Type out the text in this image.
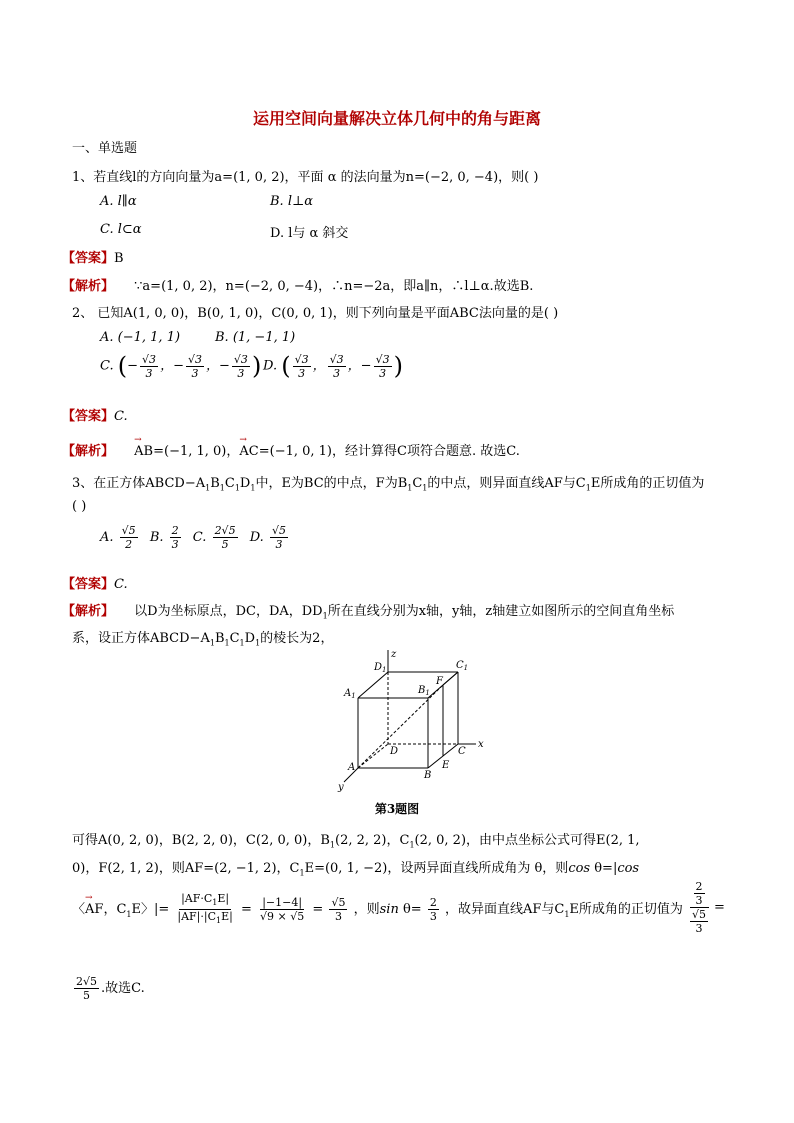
运用空间向量解决立体几何中的角与距离
一、单选题
1、若直线l的方向向量为a=(1, 0, 2)，平面 α 的法向量为n=(−2, 0, −4)，则( )
A. l∥α	B. l⊥α
C. l⊂α	D. l与 α 斜交
【答案】B
【解析】 ∵a=(1, 0, 2)，n=(−2, 0, −4)，∴n=−2a，即a∥n，∴l⊥α.故选B.
2、 已知A(1, 0, 0)，B(0, 1, 0)，C(0, 0, 1)，则下列向量是平面ABC法向量的是( )
A. (−1, 1, 1)	B. (1, −1, 1)
C. (− $\frac{√3}{3}$ ，− $\frac{√3}{3}$ ，− $\frac{√3}{3}$ ) D. ( $\frac{√3}{3}$ ， $\frac{√3}{3}$ ，− $\frac{√3}{3}$ )
【答案】C.
【解析】 → AB=(−1, 1, 0)，→ AC=(−1, 0, 1)，经计算得C项符合题意. 故选C.
3、在正方体$ABCD-A_1B_1C_1D_1$中，E为BC的中点，F为$B_1C_1$的中点，则异面直线AF与$C_1E$所成角的正切值为
( )
A. $\frac{√5}{2} B$. $\frac{2}{3} C$. $\frac{2√5}{5} D$. $\frac{√5}{3}$
【答案】C.
【解析】 以D为坐标原点，DC，DA，$DD_1$所在直线分别为x轴，y轴，z轴建立如图所示的空间直角坐标
系，设正方体$ABCD-A_1B_1C_1D_1$的棱长为2，
z
x
y
$D_1$	$C_1$
$A_1$	$B_1$
F
D	C
A
B
E
第3题图
可得A(0, 2, 0)，B(2, 2, 0)，C(2, 0, 0)，$B_1(2$, 2, 2)，$C_1(2$, 0, 2)，由中点坐标公式可得E(2, 1,
0)，F(2, 1, 2)，则AF=(2, −1, 2)，$C_1E=(0$, 1, −2)，设两异面直线所成角为 θ，则cos θ=|cos
〈→ AF，$C_1E$〉|= $\frac{|AF\cdot C_1E|}{|AF|\cdot|C_1E|} = \frac{|-1-4|}{√9 \times √5} = \frac{√5}{3}$ ，则$\sin \theta= \frac{2}{3}$ ，故异面直线AF与$C_1E$所成角的正切值为 $\frac{\frac{2}{3}}{\frac{√5}{3}}$ =
$\frac{2√5}{5}$ .故选C.
